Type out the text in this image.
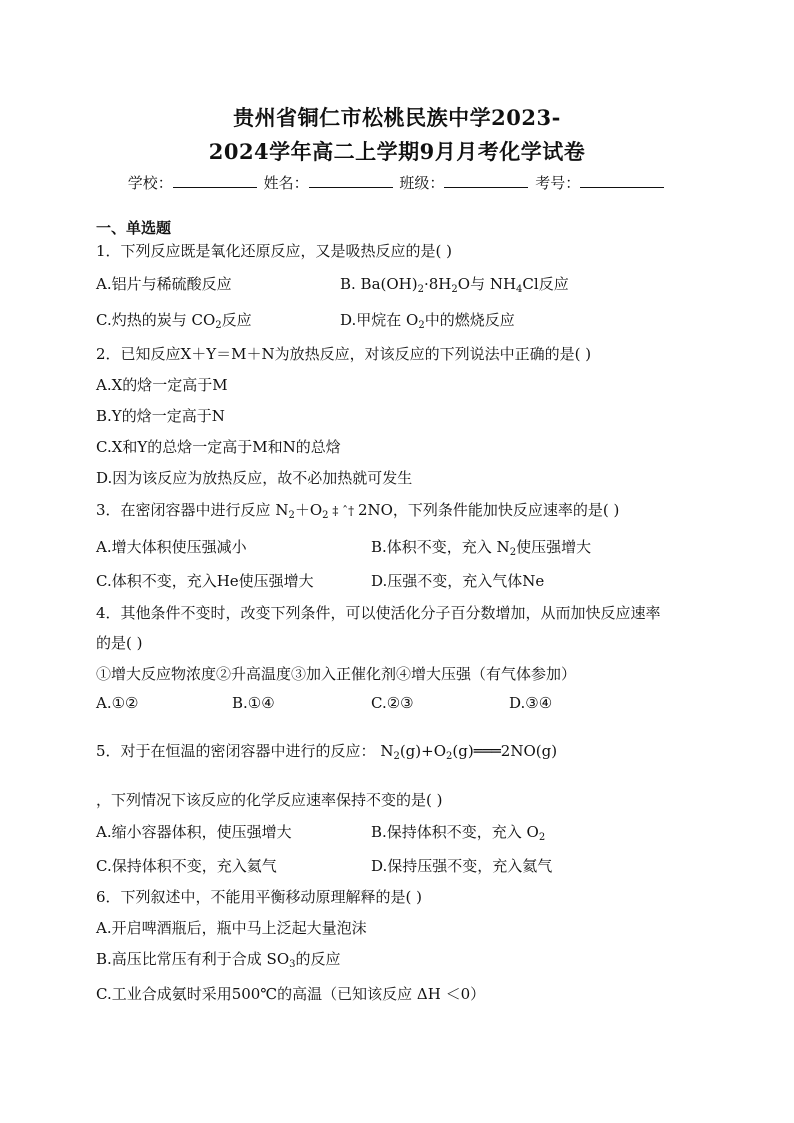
贵州省铜仁市松桃民族中学2023-
2024学年高二上学期9月月考化学试卷
学校：	姓名：	班级：	考号：
一、单选题
1．下列反应既是氧化还原反应，又是吸热反应的是( )
A.铝片与稀硫酸反应	B. $Ba(OH)_2\cdot 8H_2O$与 $NH_4Cl$反应
C.灼热的炭与 $CO_2$反应	D.甲烷在 $O_2$中的燃烧反应
2．已知反应X＋Y＝M＋N为放热反应，对该反应的下列说法中正确的是( )
A.X的焓一定高于M
B.Y的焓一定高于N
C.X和Y的总焓一定高于M和N的总焓
D.因为该反应为放热反应，故不必加热就可发生
3．在密闭容器中进行反应 $N_2+O_2$ ‡ ˆ† 2NO，下列条件能加快反应速率的是( )
A.增大体积使压强减小	B.体积不变，充入 $N_2$使压强增大
C.体积不变，充入He使压强增大	D.压强不变，充入气体Ne
4．其他条件不变时，改变下列条件，可以使活化分子百分数增加，从而加快反应速率
的是( )
①增大反应物浓度②升高温度③加入正催化剂④增大压强（有气体参加）
A.①②	B.①④	C.②③	D.③④
5．对于在恒温的密闭容器中进行的反应： $N_2(g)+O_2(g)═══2NO(g)$
，下列情况下该反应的化学反应速率保持不变的是( )
A.缩小容器体积，使压强增大	B.保持体积不变，充入 $O_2$
C.保持体积不变，充入氦气	D.保持压强不变，充入氦气
6．下列叙述中，不能用平衡移动原理解释的是( )
A.开启啤酒瓶后，瓶中马上泛起大量泡沫
B.高压比常压有利于合成 $SO_3$的反应
C.工业合成氨时采用500℃的高温（已知该反应 ΔH ＜0）
